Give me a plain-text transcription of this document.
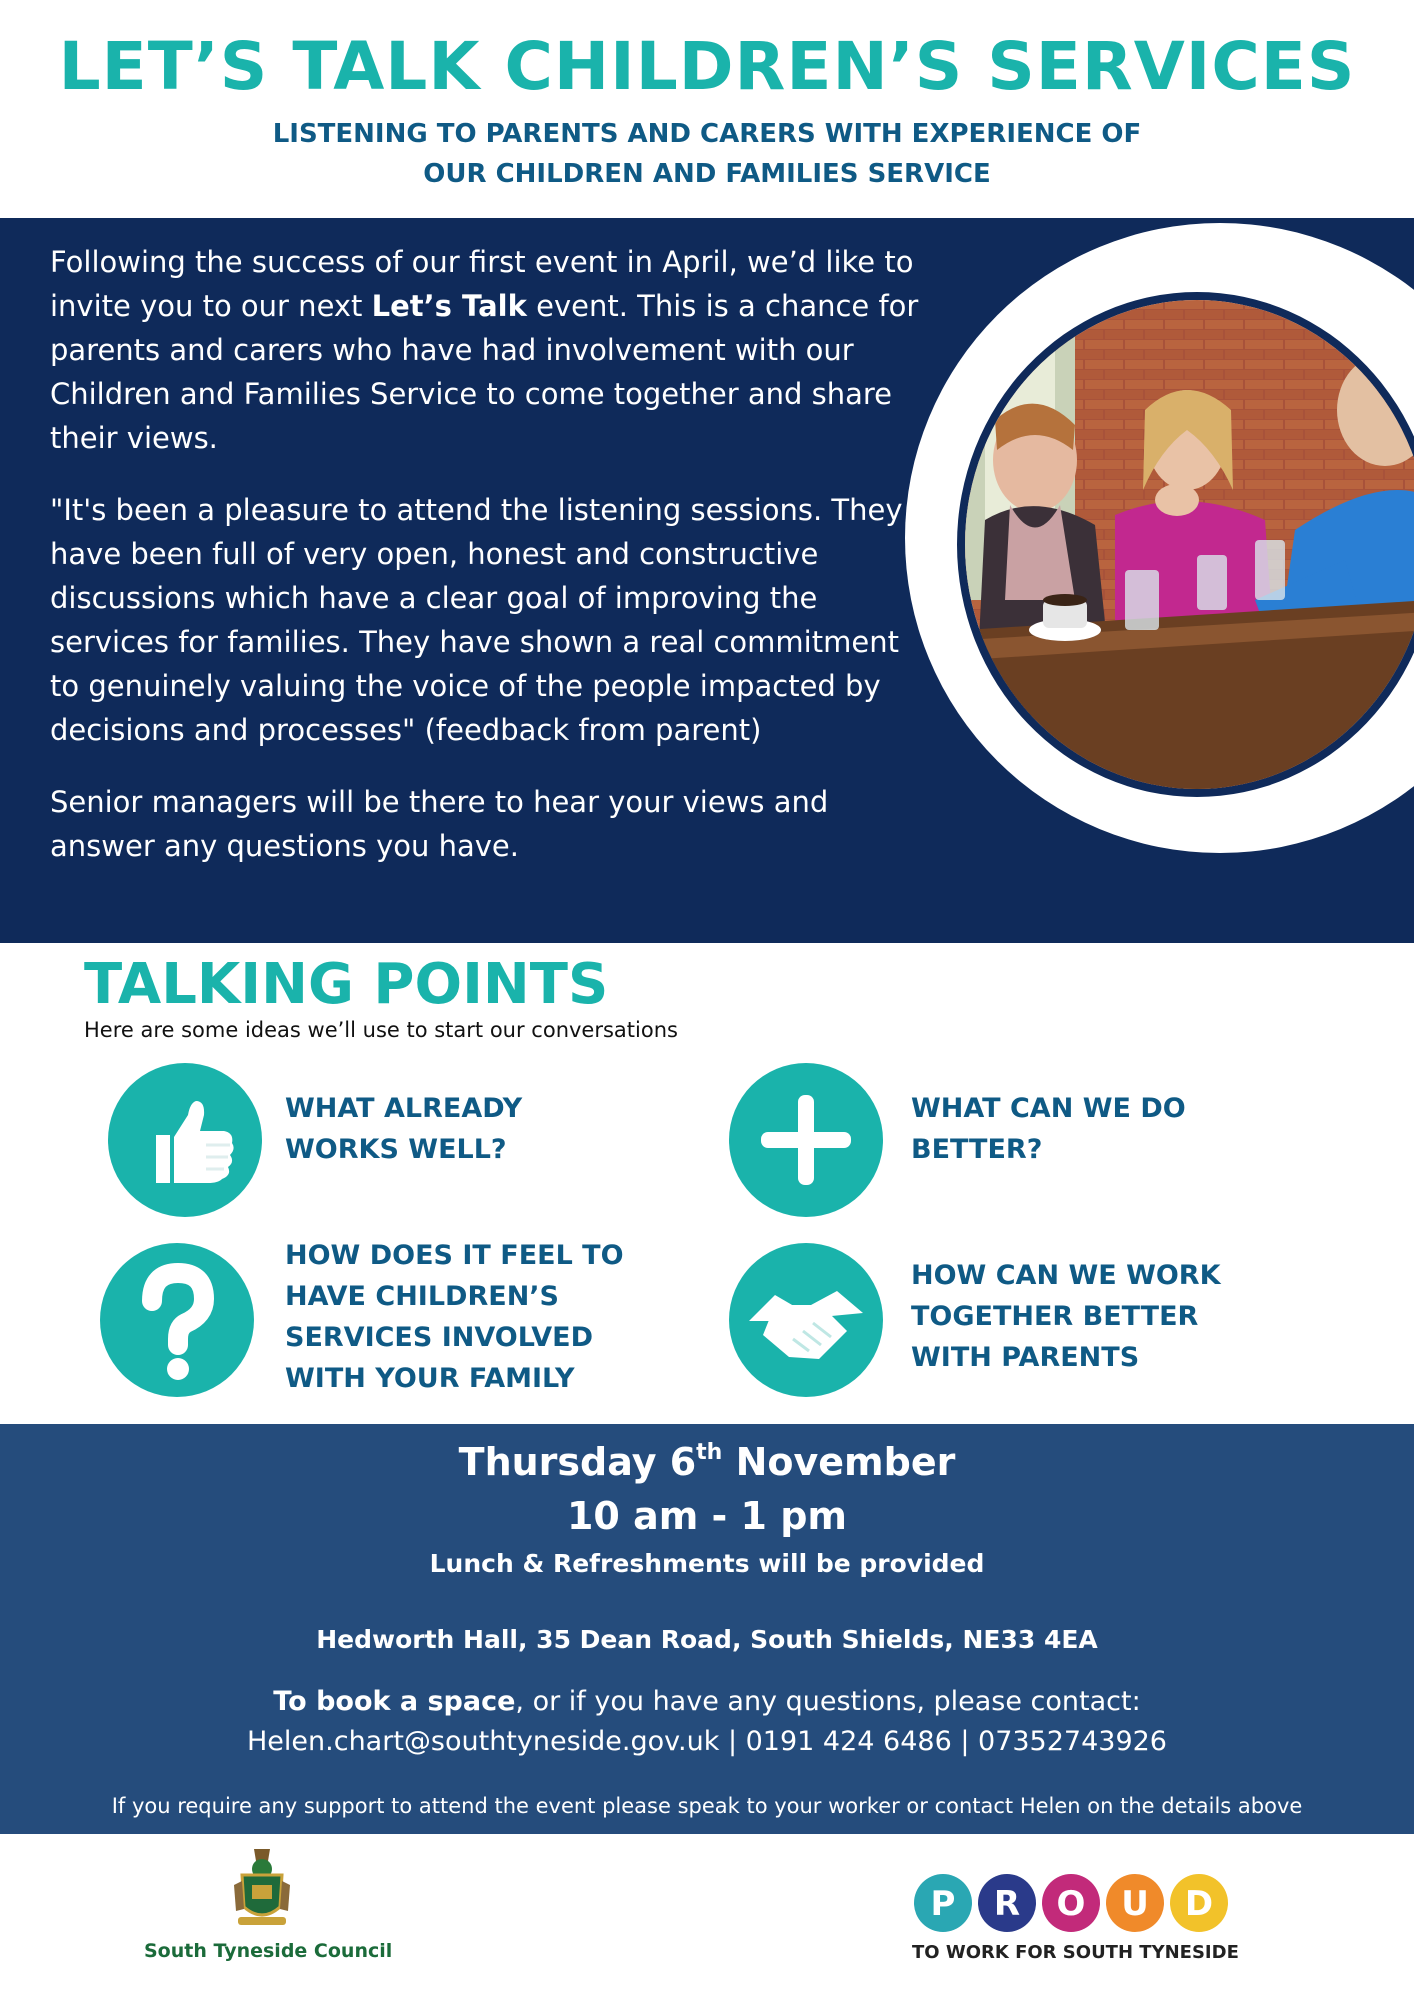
LET’S TALK CHILDREN’S SERVICES
LISTENING TO PARENTS AND CARERS WITH EXPERIENCE OF
OUR CHILDREN AND FAMILIES SERVICE

Following the success of our first event in April, we’d like to invite you to our next Let’s Talk event. This is a chance for parents and carers who have had involvement with our Children and Families Service to come together and share their views.

"It's been a pleasure to attend the listening sessions. They have been full of very open, honest and constructive discussions which have a clear goal of improving the services for families. They have shown a real commitment to genuinely valuing the voice of the people impacted by decisions and processes" (feedback from parent)

Senior managers will be there to hear your views and answer any questions you have.

TALKING POINTS
Here are some ideas we’ll use to start our conversations
WHAT ALREADY
WORKS WELL?
WHAT CAN WE DO
BETTER?
HOW DOES IT FEEL TO
HAVE CHILDREN’S
SERVICES INVOLVED
WITH YOUR FAMILY
HOW CAN WE WORK
TOGETHER BETTER
WITH PARENTS
Thursday 6th November
10 am - 1 pm
Lunch & Refreshments will be provided
Hedworth Hall, 35 Dean Road, South Shields, NE33 4EA
To book a space, or if you have any questions, please contact:
Helen.chart@southtyneside.gov.uk | 0191 424 6486 | 07352743926
If you require any support to attend the event please speak to your worker or contact Helen on the details above
South Tyneside Council
P R O U D
TO WORK FOR SOUTH TYNESIDE
